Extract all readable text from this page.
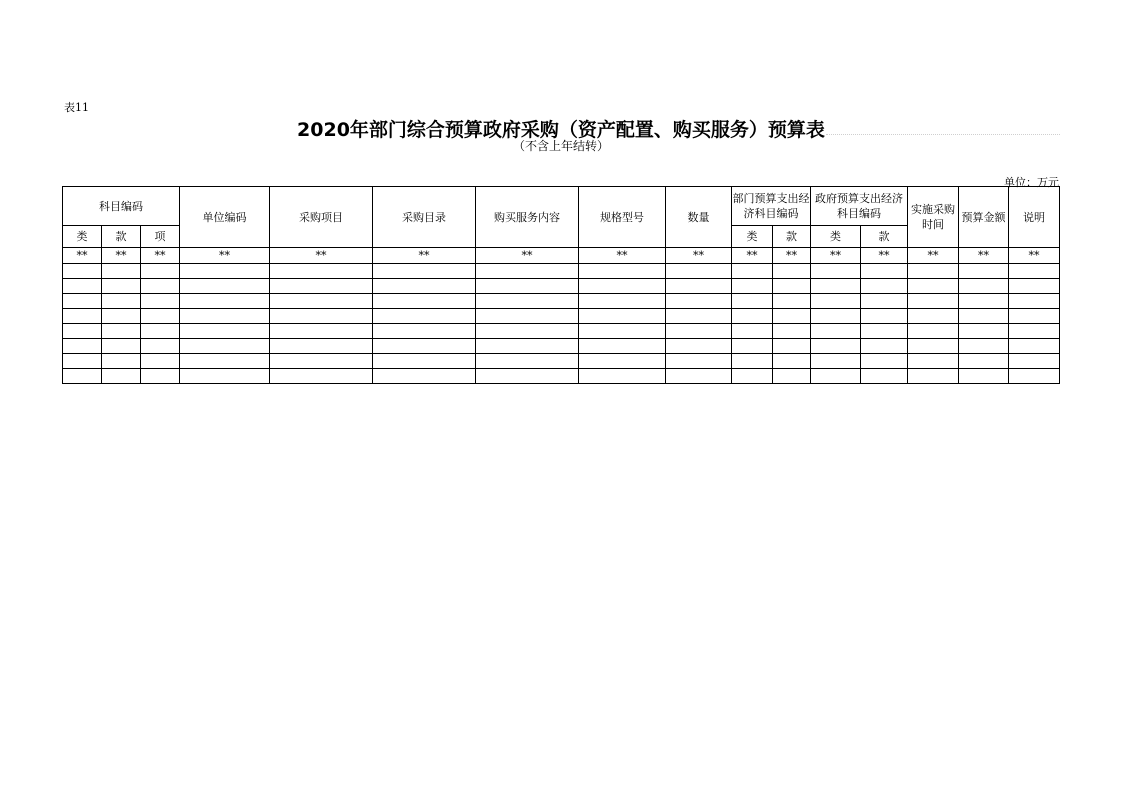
表11
2020年部门综合预算政府采购（资产配置、购买服务）预算表
（不含上年结转）
单位：万元
科目编码			单位编码	采购项目	采购目录	购买服务内容	规格型号	数量	部门预算支出经济科目编码		政府预算支出经济科目编码		实施采购时间	预算金额	说明
类	款	项							类	款	类	款			
**	**	**	**	**	**	**	**	**	**	**	**	**	**	**	**
